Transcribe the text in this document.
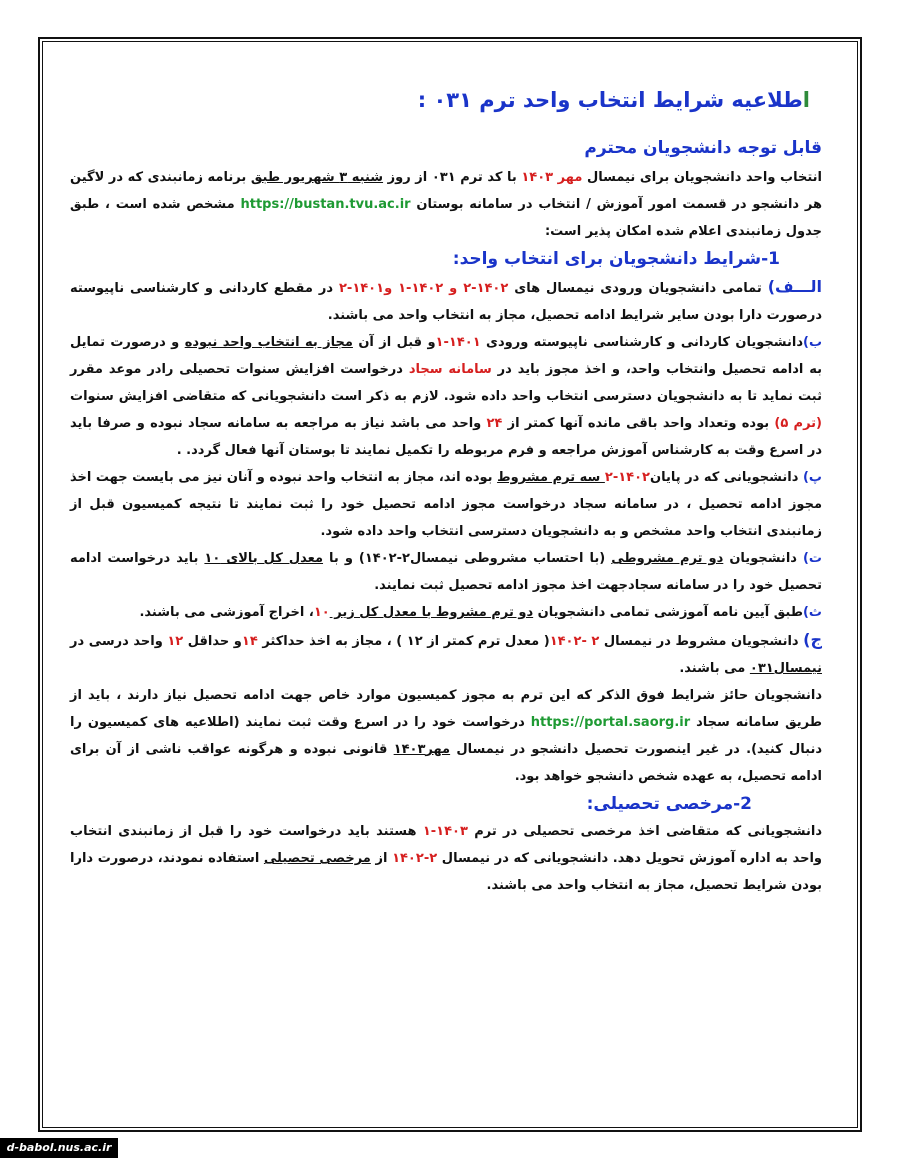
اطلاعیه شرایط انتخاب واحد ترم ۰۳۱ :
قابل توجه دانشجویان محترم

انتخاب واحد دانشجویان برای نیمسال مهر ۱۴۰۳ با کد ترم ۰۳۱ از روز شنبه ۳ شهریور طبق برنامه زمانبندی که در لاگین هر دانشجو در قسمت امور آموزش / انتخاب در سامانه بوستان https://bustan.tvu.ac.ir مشخص شده است ، طبق جدول زمانبندی اعلام شده امکان پذیر است:

1-شرایط دانشجویان برای انتخاب واحد:

الـــف) تمامی دانشجویان ورودی نیمسال های ۱۴۰۲-۲ و ۱۴۰۲-۱ و۱۴۰۱-۲ در مقطع کاردانی و کارشناسی ناپیوسته درصورت دارا بودن سایر شرایط ادامه تحصیل، مجاز به انتخاب واحد می باشند.

ب)دانشجویان کاردانی و کارشناسی ناپیوسته ورودی ۱۴۰۱-۱و قبل از آن مجاز به انتخاب واحد نبوده و درصورت تمایل به ادامه تحصیل وانتخاب واحد، و اخذ مجوز باید در سامانه سجاد درخواست افزایش سنوات تحصیلی رادر موعد مقرر ثبت نماید تا به دانشجویان دسترسی انتخاب واحد داده شود. لازم به ذکر است دانشجویانی که متقاضی افزایش سنوات (ترم ۵) بوده وتعداد واحد باقی مانده آنها کمتر از ۲۴ واحد می باشد نیاز به مراجعه به سامانه سجاد نبوده و صرفا باید در اسرع وقت به کارشناس آموزش مراجعه و فرم مربوطه را تکمیل نمایند تا بوستان آنها فعال گردد. .

پ) دانشجویانی که در پایان۱۴۰۲-۲ سه ترم مشروط بوده اند، مجاز به انتخاب واحد نبوده و آنان نیز می بایست جهت اخذ مجوز ادامه تحصیل ، در سامانه سجاد درخواست مجوز ادامه تحصیل خود را ثبت نمایند تا نتیجه کمیسیون قبل از زمانبندی انتخاب واحد مشخص و به دانشجویان دسترسی انتخاب واحد داده شود.

ت) دانشجویان دو ترم مشروطی (با احتساب مشروطی نیمسال۲-۱۴۰۲) و با معدل کل بالای ۱۰ باید درخواست ادامه تحصیل خود را در سامانه سجادجهت اخذ مجوز ادامه تحصیل ثبت نمایند.

ث)طبق آیین نامه آموزشی تمامی دانشجویان دو ترم مشروط با معدل کل زیر ۱۰، اخراج آموزشی می باشند.

ج) دانشجویان مشروط در نیمسال ۲ -۱۴۰۲( معدل ترم کمتر از ۱۲ ) ، مجاز به اخذ حداکثر ۱۴و حداقل ۱۲ واحد درسی در نیمسال۰۳۱ می باشند.

دانشجویان حائز شرایط فوق الذکر که این ترم به مجوز کمیسیون موارد خاص جهت ادامه تحصیل نیاز دارند ، باید از طریق سامانه سجاد https://portal.saorg.ir درخواست خود را در اسرع وقت ثبت نمایند (اطلاعیه های کمیسیون را دنبال کنید). در غیر اینصورت تحصیل دانشجو در نیمسال مهر۱۴۰۳ قانونی نبوده و هرگونه عواقب ناشی از آن برای ادامه تحصیل، به عهده شخص دانشجو خواهد بود.

2-مرخصی تحصیلی:

دانشجویانی که متقاضی اخذ مرخصی تحصیلی در ترم ۱۴۰۳-۱ هستند باید درخواست خود را قبل از زمانبندی انتخاب واحد به اداره آموزش تحویل دهد. دانشجویانی که در نیمسال ۲-۱۴۰۲ از مرخصی تحصیلی استفاده نمودند، درصورت دارا بودن شرایط تحصیل، مجاز به انتخاب واحد می باشند.

d-babol.nus.ac.ir
